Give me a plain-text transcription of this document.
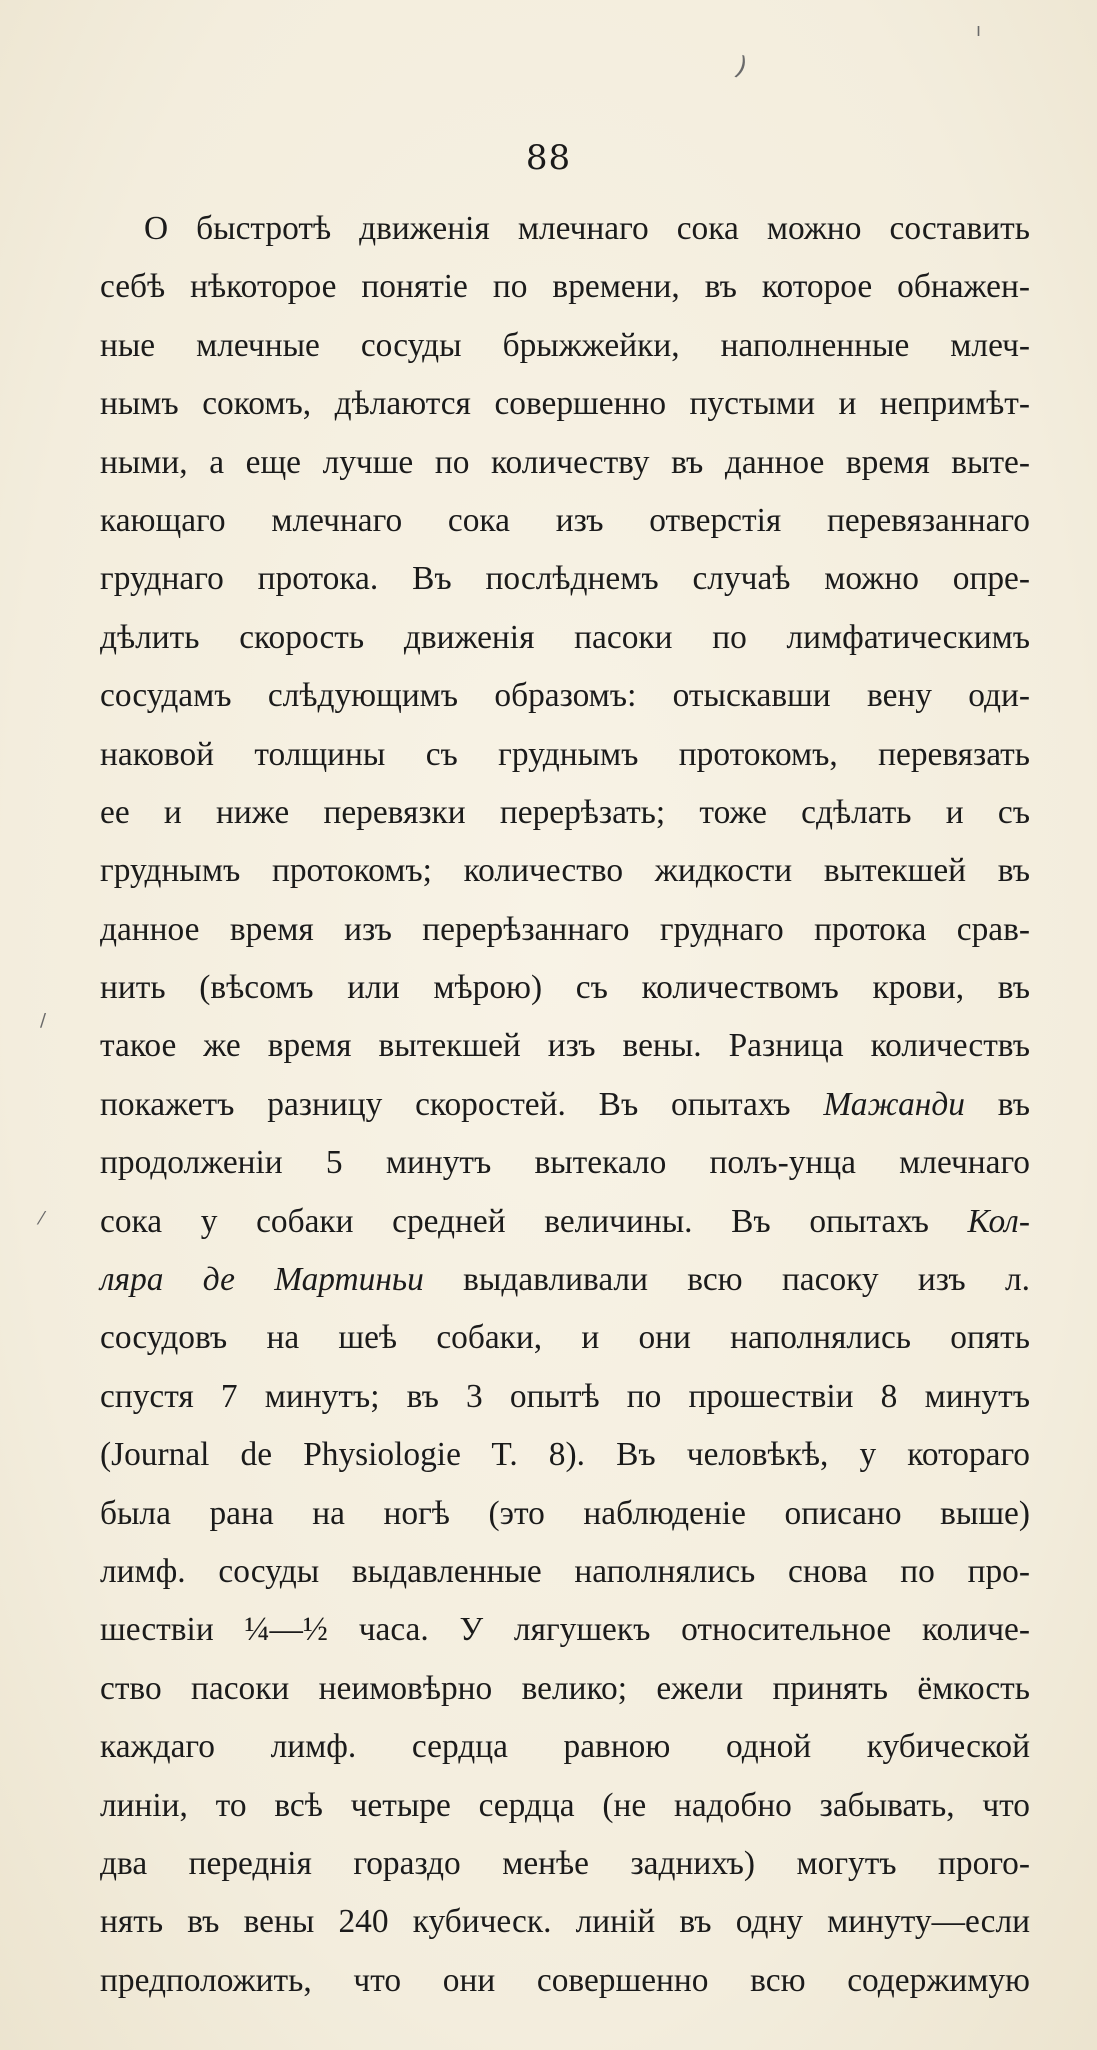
ı
)
88
О быстротѣ движенія млечнаго сока можно составить
себѣ нѣкоторое понятіе по времени, въ которое обнажен-
ные млечные сосуды брыжжейки, наполненные млеч-
нымъ сокомъ, дѣлаются совершенно пустыми и непримѣт-
ными, а еще лучше по количеству въ данное время выте-
кающаго млечнаго сока изъ отверстія перевязаннаго
груднаго протока. Въ послѣднемъ случаѣ можно опре-
дѣлить скорость движенія пасоки по лимфатическимъ
сосудамъ слѣдующимъ образомъ: отыскавши вену оди-
наковой толщины съ груднымъ протокомъ, перевязать
ее и ниже перевязки перерѣзать; тоже сдѣлать и съ
груднымъ протокомъ; количество жидкости вытекшей въ
данное время изъ перерѣзаннаго груднаго протока срав-
нить (вѣсомъ или мѣрою) съ количествомъ крови, въ
такое же время вытекшей изъ вены. Разница количествъ
покажетъ разницу скоростей. Въ опытахъ Мажанди въ
продолженіи 5 минутъ вытекало полъ-унца млечнаго
сока у собаки средней величины. Въ опытахъ Кол-
ляра де Мартиньи выдавливали всю пасоку изъ л.
сосудовъ на шеѣ собаки, и они наполнялись опять
спустя 7 минутъ; въ 3 опытѣ по прошествіи 8 минутъ
(Journal de Physiologie T. 8). Въ человѣкѣ, у котораго
была рана на ногѣ (это наблюденіе описано выше)
лимф. сосуды выдавленные наполнялись снова по про-
шествіи ¼—½ часа. У лягушекъ относительное количе-
ство пасоки неимовѣрно велико; ежели принять ёмкость
каждаго лимф. сердца равною одной кубической
линіи, то всѣ четыре сердца (не надобно забывать, что
два переднія гораздо менѣе заднихъ) могутъ прого-
нять въ вены 240 кубическ. линій въ одну минуту—если
предположить, что они совершенно всю содержимую
/
⁄
